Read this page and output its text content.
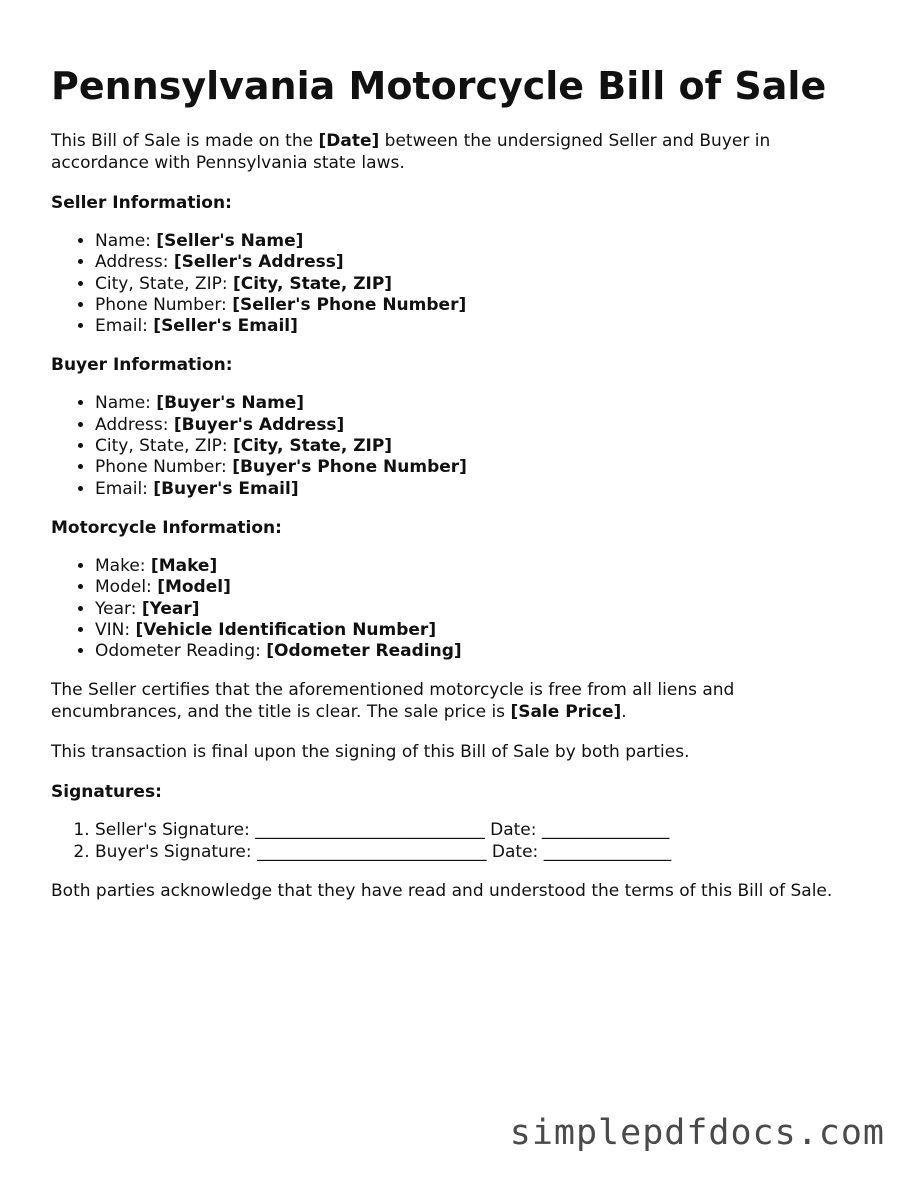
Pennsylvania Motorcycle Bill of Sale

This Bill of Sale is made on the [Date] between the undersigned Seller and Buyer in accordance with Pennsylvania state laws.

Seller Information:
• Name: [Seller's Name]
• Address: [Seller's Address]
• City, State, ZIP: [City, State, ZIP]
• Phone Number: [Seller's Phone Number]
• Email: [Seller's Email]
Buyer Information:
• Name: [Buyer's Name]
• Address: [Buyer's Address]
• City, State, ZIP: [City, State, ZIP]
• Phone Number: [Buyer's Phone Number]
• Email: [Buyer's Email]
Motorcycle Information:
• Make: [Make]
• Model: [Model]
• Year: [Year]
• VIN: [Vehicle Identification Number]
• Odometer Reading: [Odometer Reading]

The Seller certifies that the aforementioned motorcycle is free from all liens and encumbrances, and the title is clear. The sale price is [Sale Price].

This transaction is final upon the signing of this Bill of Sale by both parties.

Signatures:
1. Seller's Signature: ___________________________ Date: _______________
2. Buyer's Signature: ___________________________ Date: _______________

Both parties acknowledge that they have read and understood the terms of this Bill of Sale.

simplepdfdocs.com
